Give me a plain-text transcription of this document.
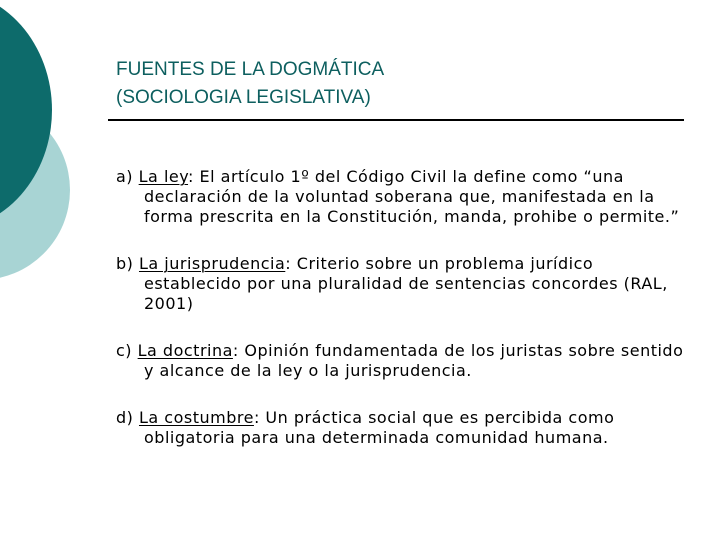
FUENTES DE LA DOGMÁTICA
(SOCIOLOGIA LEGISLATIVA)
a) La ley: El artículo 1º del Código Civil la define como “una declaración de la voluntad soberana que, manifestada en la forma prescrita en la Constitución, manda, prohibe o permite.”
b) La jurisprudencia: Criterio sobre un problema jurídico establecido por una pluralidad de sentencias concordes (RAL, 2001)
c) La doctrina: Opinión fundamentada de los juristas sobre sentido y alcance de la ley o la jurisprudencia.
d) La costumbre: Un práctica social que es percibida como obligatoria para una determinada comunidad humana.
